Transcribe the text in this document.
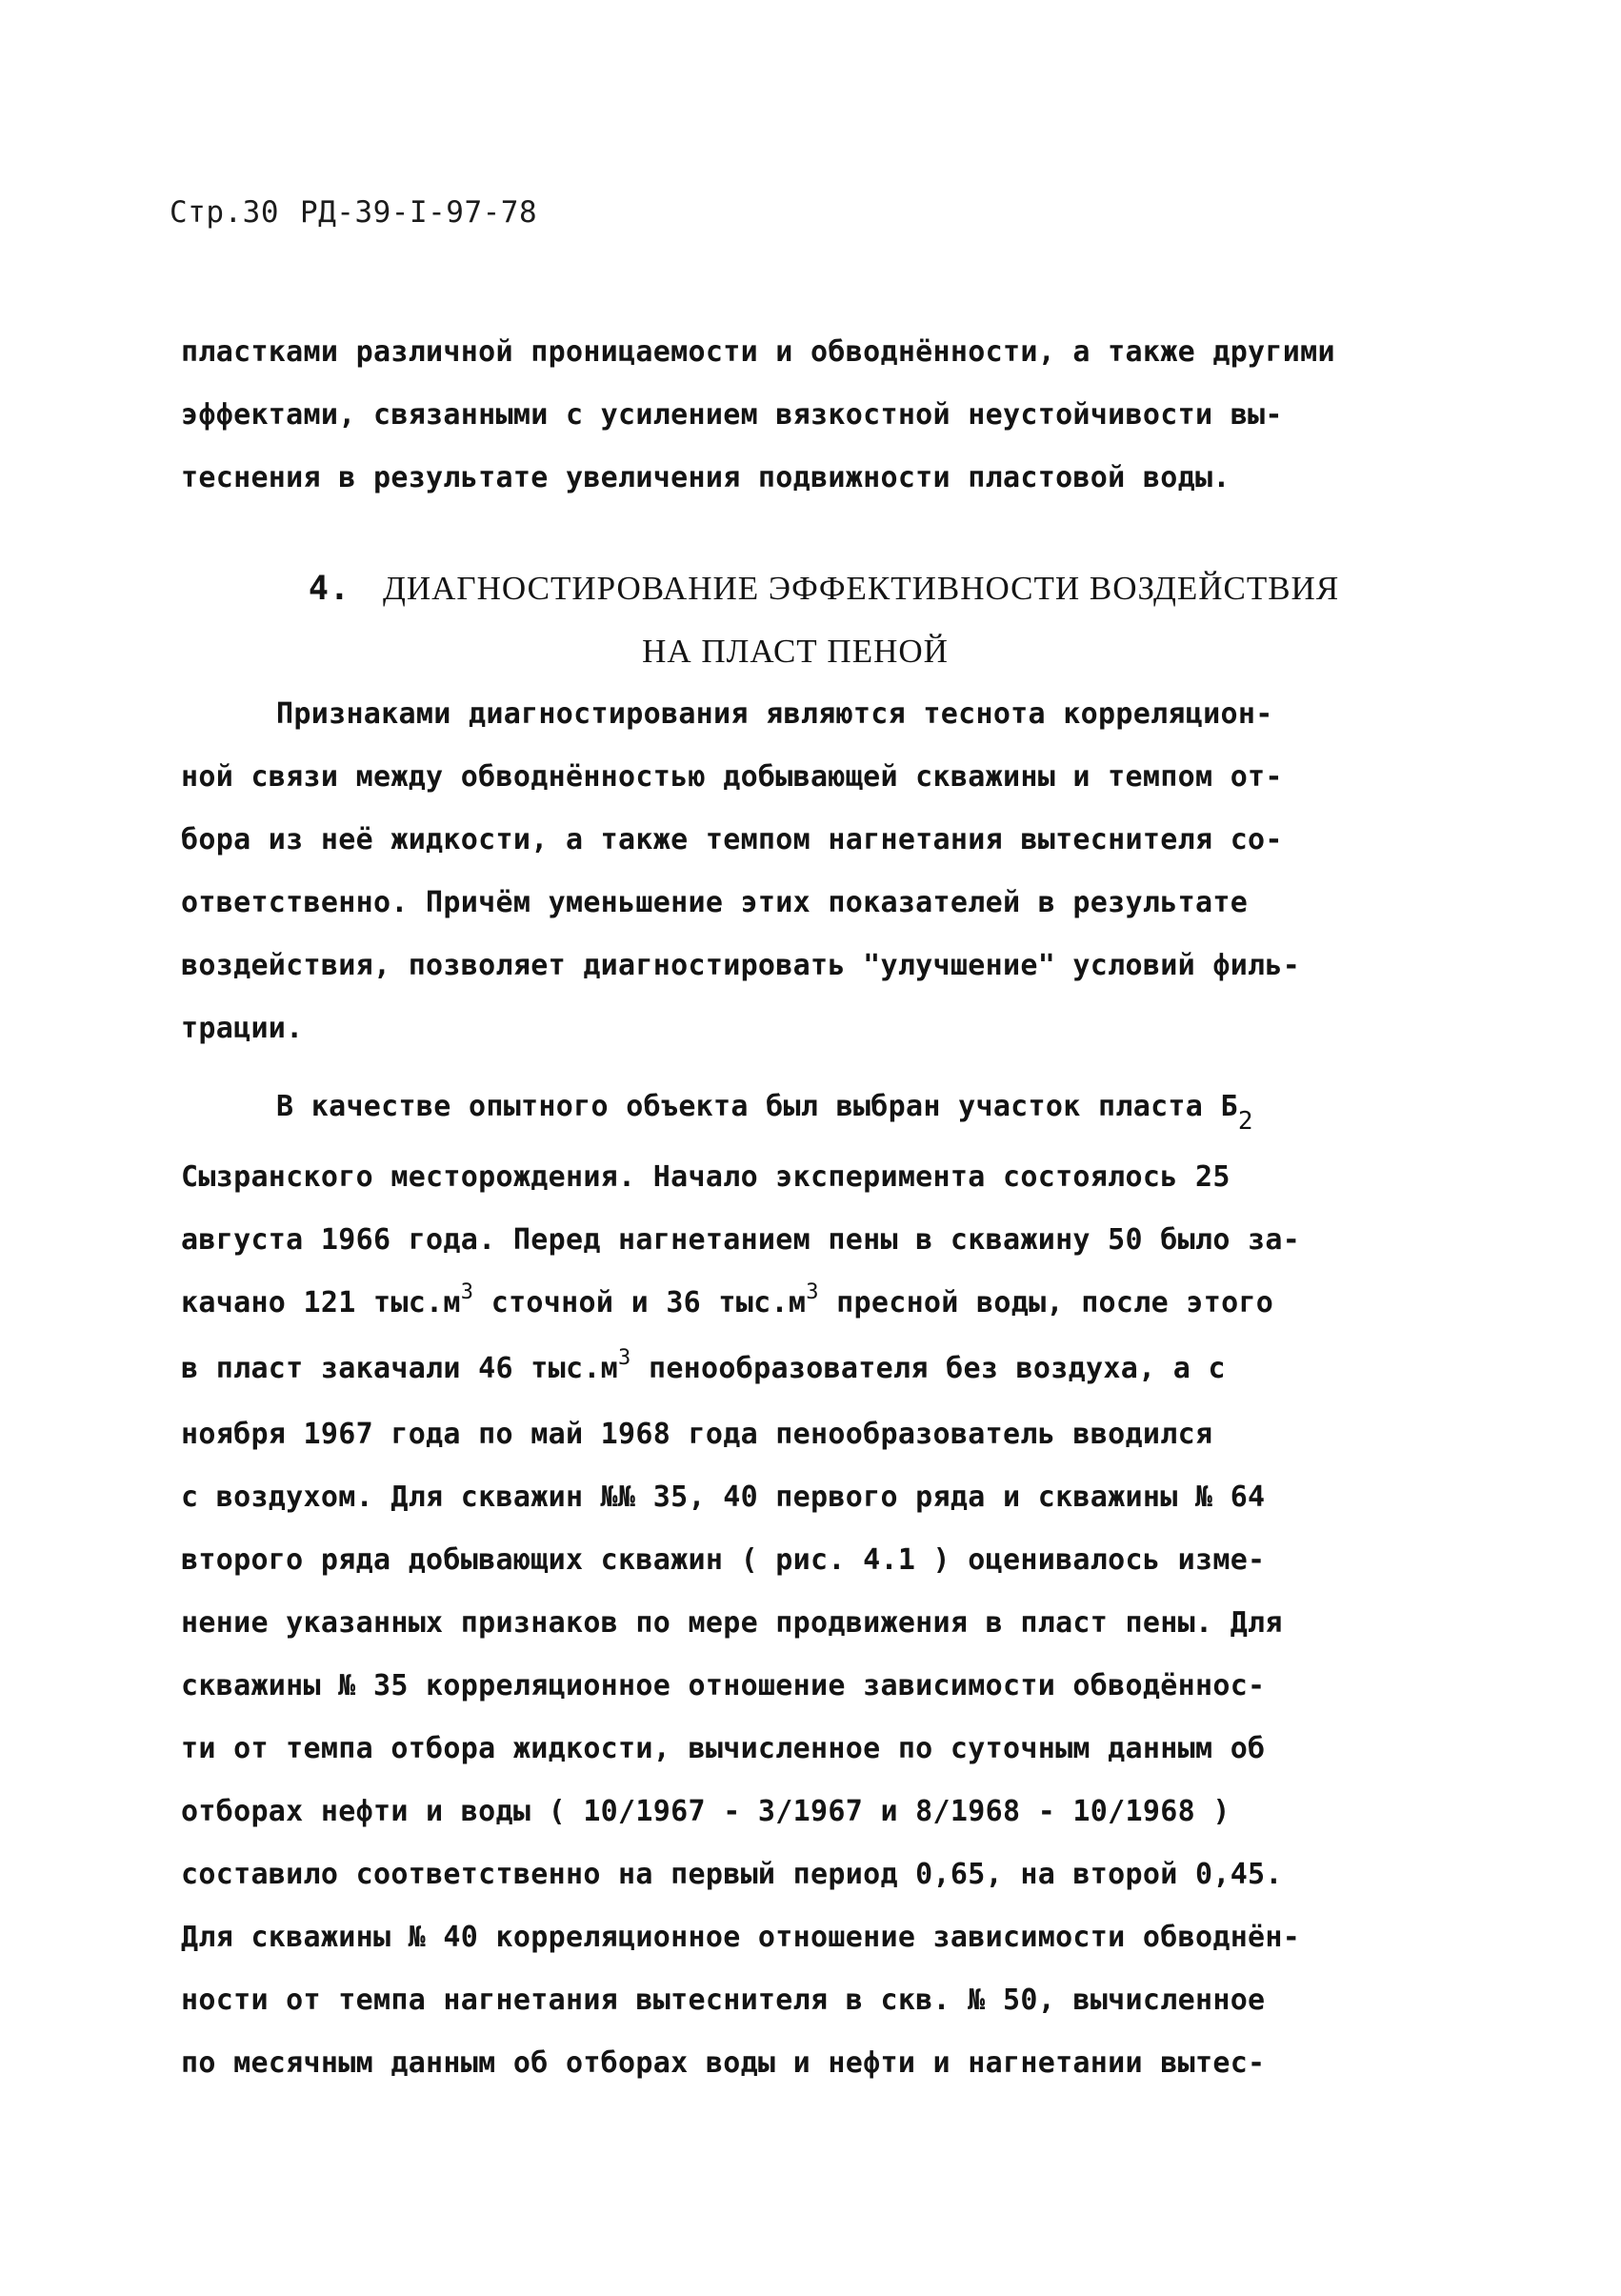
Стр.30 РД-39-I-97-78
пластками различной проницаемости и обводнённости, а также другими
эффектами, связанными с усилением вязкостной неустойчивости вы-
теснения в результате увеличения подвижности пластовой воды.
4. ДИАГНОСТИРОВАНИЕ ЭФФЕКТИВНОСТИ ВОЗДЕЙСТВИЯ
НА ПЛАСТ ПЕНОЙ
Признаками диагностирования являются теснота корреляцион-
ной связи между обводнённостью добывающей скважины и темпом от-
бора из неё жидкости, а также темпом нагнетания вытеснителя со-
ответственно. Причём уменьшение этих показателей в результате
воздействия, позволяет диагностировать "улучшение" условий филь-
трации.
В качестве опытного объекта был выбран участок пласта $Б_2$
Сызранского месторождения. Начало эксперимента состоялось 25
августа 1966 года. Перед нагнетанием пены в скважину 50 было за-
качано 121 $тыс.м^3$ сточной и 36 $тыс.м^3$ пресной воды, после этого
в пласт закачали 46 $тыс.м^3$ пенообразователя без воздуха, а с
ноября 1967 года по май 1968 года пенообразователь вводился
с воздухом. Для скважин №№ 35, 40 первого ряда и скважины № 64
второго ряда добывающих скважин ( рис. 4.1 ) оценивалось изме-
нение указанных признаков по мере продвижения в пласт пены. Для
скважины № 35 корреляционное отношение зависимости обводённос-
ти от темпа отбора жидкости, вычисленное по суточным данным об
отборах нефти и воды ( 10/1967 - 3/1967 и 8/1968 - 10/1968 )
составило соответственно на первый период 0,65, на второй 0,45.
Для скважины № 40 корреляционное отношение зависимости обводнён-
ности от темпа нагнетания вытеснителя в скв. № 50, вычисленное
по месячным данным об отборах воды и нефти и нагнетании вытес-
